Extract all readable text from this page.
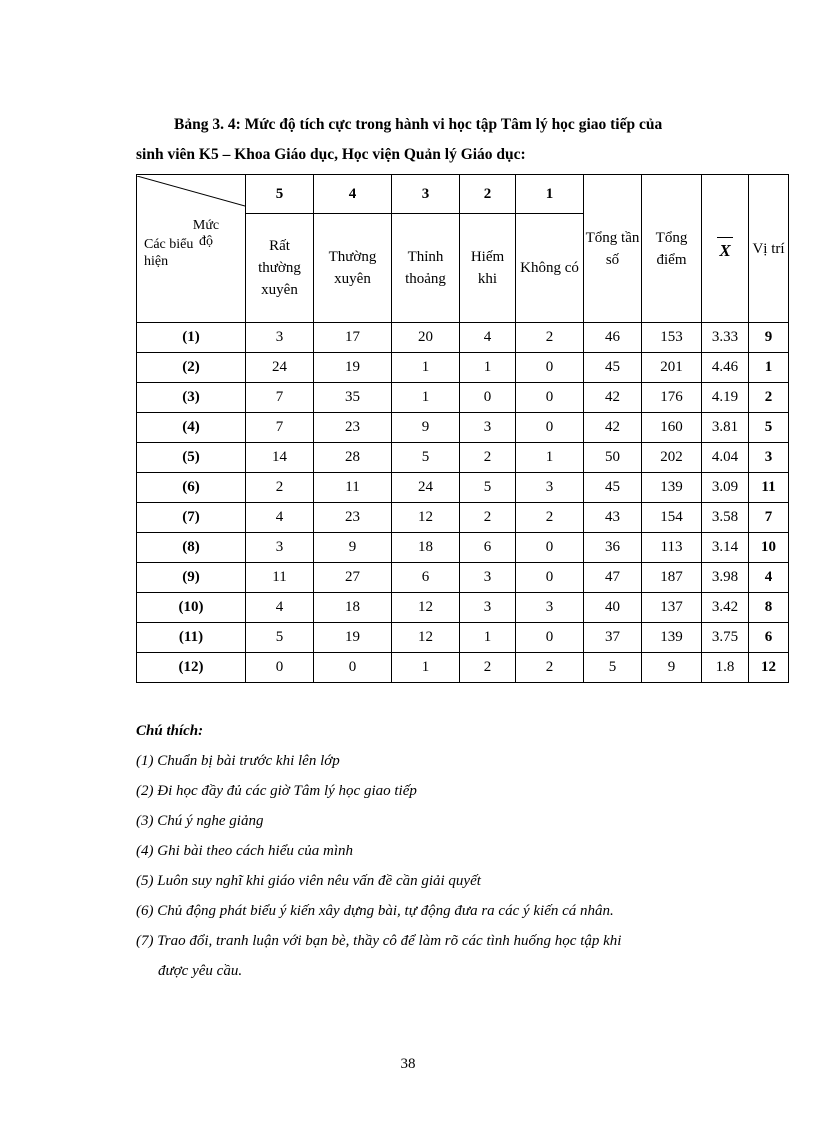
Bảng 3. 4: Mức độ tích cực trong hành vi học tập Tâm lý học giao tiếp của
sinh viên K5 – Khoa Giáo dục, Học viện Quản lý Giáo dục:
Mức độ
Các biểu hiện	5	4	3	2	1	Tổng tần số	Tổng điểm	X	Vị trí
	Rất thường xuyên	Thường xuyên	Thỉnh thoảng	Hiếm khi	Không có				
(1)	3	17	20	4	2	46	153	3.33	9
(2)	24	19	1	1	0	45	201	4.46	1
(3)	7	35	1	0	0	42	176	4.19	2
(4)	7	23	9	3	0	42	160	3.81	5
(5)	14	28	5	2	1	50	202	4.04	3
(6)	2	11	24	5	3	45	139	3.09	11
(7)	4	23	12	2	2	43	154	3.58	7
(8)	3	9	18	6	0	36	113	3.14	10
(9)	11	27	6	3	0	47	187	3.98	4
(10)	4	18	12	3	3	40	137	3.42	8
(11)	5	19	12	1	0	37	139	3.75	6
(12)	0	0	1	2	2	5	9	1.8	12
Chú thích:
(1) Chuẩn bị bài trước khi lên lớp
(2) Đi học đầy đủ các giờ Tâm lý học giao tiếp
(3) Chú ý nghe giảng
(4) Ghi bài theo cách hiểu của mình
(5) Luôn suy nghĩ khi giáo viên nêu vấn đề cần giải quyết
(6) Chủ động phát biểu ý kiến xây dựng bài, tự động đưa ra các ý kiến cá nhân.
(7) Trao đổi, tranh luận với bạn bè, thầy cô để làm rõ các tình huống học tập khi
được yêu cầu.
38
